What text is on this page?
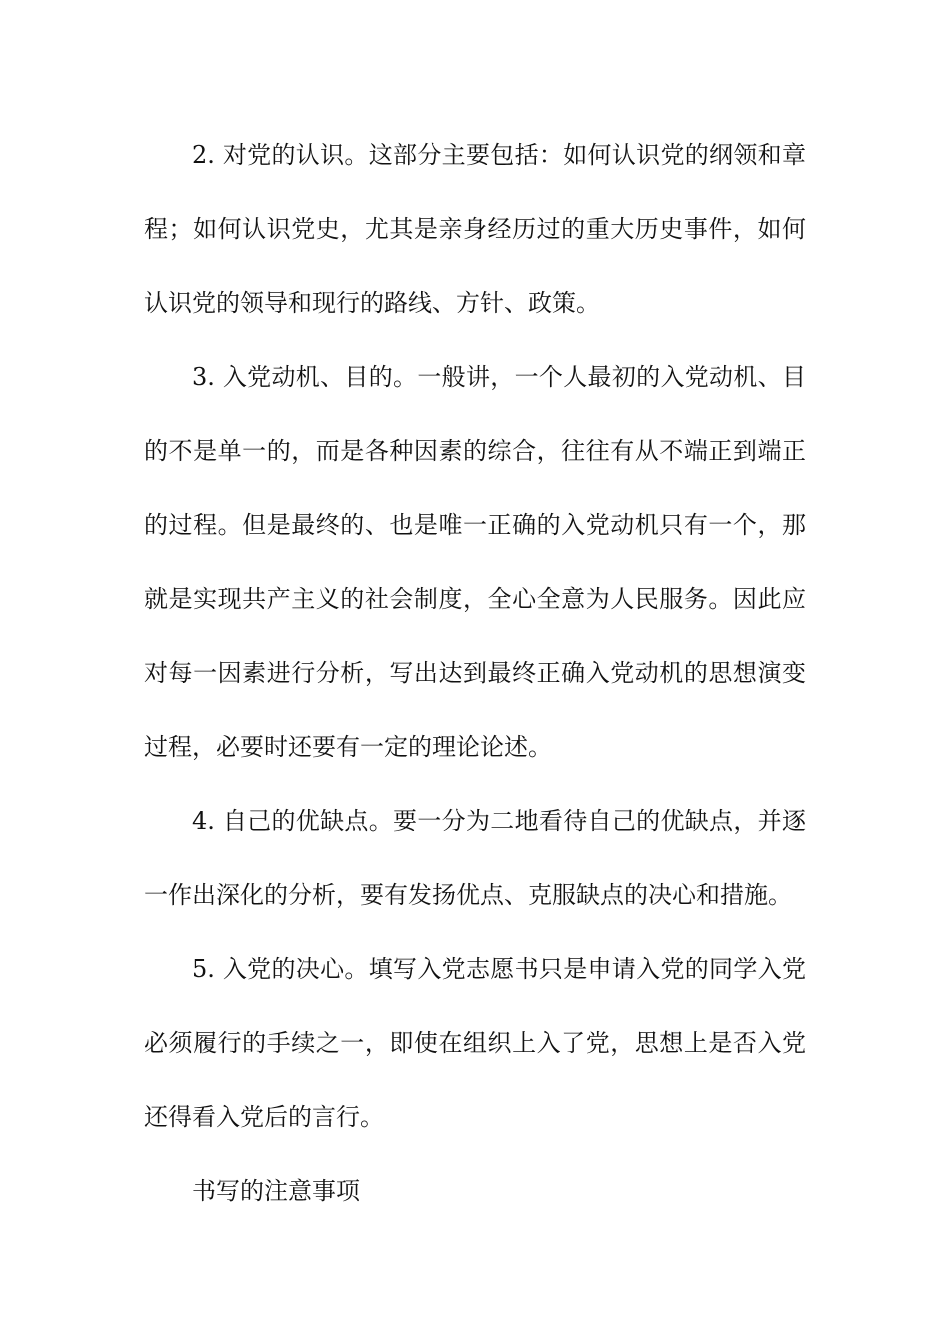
2. 对党的认识。这部分主要包括：如何认识党的纲领和章程；如何认识党史，尤其是亲身经历过的重大历史事件，如何认识党的领导和现行的路线、方针、政策。

3. 入党动机、目的。一般讲，一个人最初的入党动机、目的不是单一的，而是各种因素的综合，往往有从不端正到端正的过程。但是最终的、也是唯一正确的入党动机只有一个，那就是实现共产主义的社会制度，全心全意为人民服务。因此应对每一因素进行分析，写出达到最终正确入党动机的思想演变过程，必要时还要有一定的理论论述。

4. 自己的优缺点。要一分为二地看待自己的优缺点，并逐一作出深化的分析，要有发扬优点、克服缺点的决心和措施。

5. 入党的决心。填写入党志愿书只是申请入党的同学入党必须履行的手续之一，即使在组织上入了党，思想上是否入党还得看入党后的言行。

书写的注意事项
